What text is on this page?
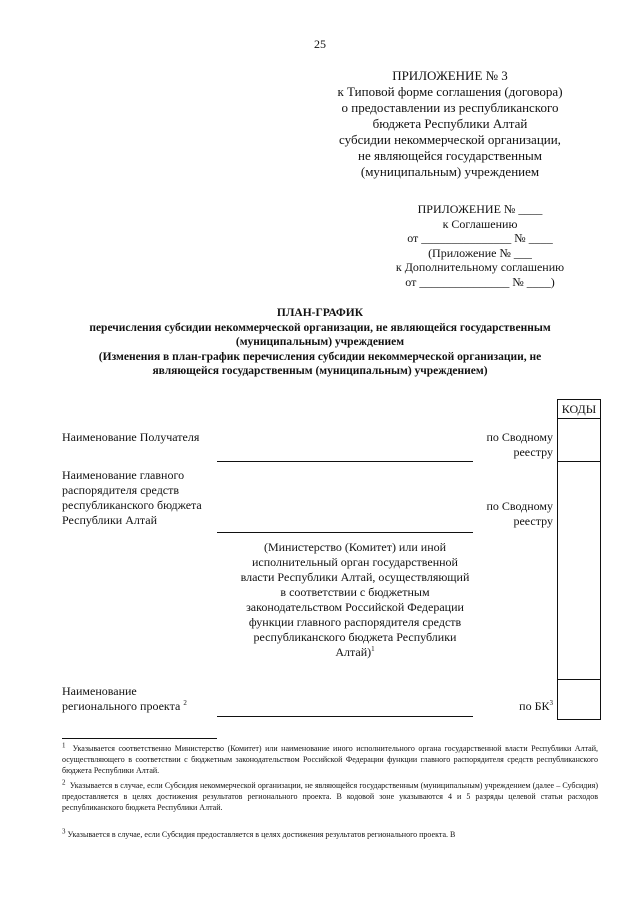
25
ПРИЛОЖЕНИЕ № 3
к Типовой форме соглашения (договора)
о предоставлении из республиканского
бюджета Республики Алтай
субсидии некоммерческой организации,
не являющейся государственным
(муниципальным) учреждением
ПРИЛОЖЕНИЕ № ____
к Соглашению
от _______________ № ____
(Приложение № ___
к Дополнительному соглашению
от _______________ № ____)
ПЛАН-ГРАФИК
перечисления субсидии некоммерческой организации, не являющейся государственным
(муниципальным) учреждением
(Изменения в план-график перечисления субсидии некоммерческой организации, не
являющейся государственным (муниципальным) учреждением)
КОДЫ
Наименование Получателя	по Сводному реестру
Наименование главного распорядителя средств республиканского бюджета Республики Алтай
по Сводному реестру
(Министерство (Комитет) или иной исполнительный орган государственной власти Республики Алтай, осуществляющий в соответствии с бюджетным законодательством Российской Федерации функции главного распорядителя средств республиканского бюджета Республики Алтай)$^1$
Наименование
регионального проекта $^2$	по $БК^3$
$^1$ Указывается соответственно Министерство (Комитет) или наименование иного исполнительного органа государственной власти Республики Алтай, осуществляющего в соответствии с бюджетным законодательством Российской Федерации функции главного распорядителя средств республиканского бюджета Республики Алтай.
$^2$ Указывается в случае, если Субсидия некоммерческой организации, не являющейся государственным (муниципальным) учреждением (далее – Субсидия) предоставляется в целях достижения результатов регионального проекта. В кодовой зоне указываются 4 и 5 разряды целевой статьи расходов республиканского бюджета Республики Алтай.
$^3$ Указывается в случае, если Субсидия предоставляется в целях достижения результатов регионального проекта. В
